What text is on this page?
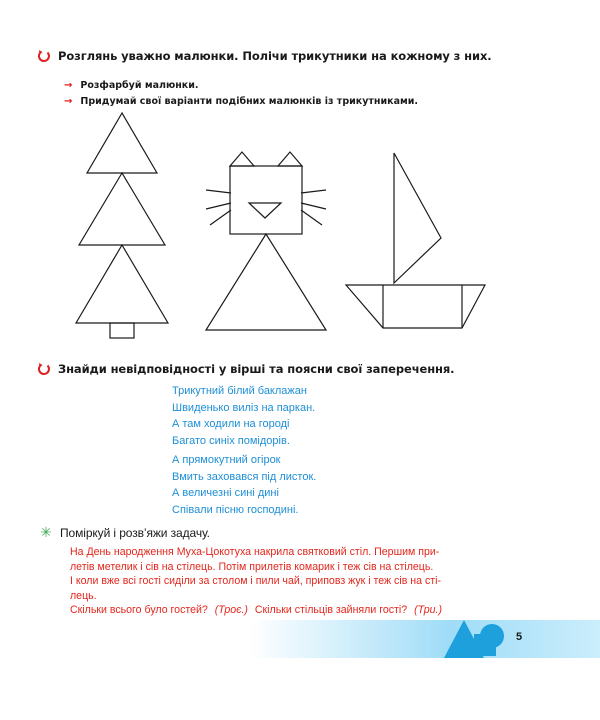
Розглянь уважно малюнки. Полічи трикутники на кожному з них.
→ Розфарбуй малюнки.
→ Придумай свої варіанти подібних малюнків із трикутниками.
Знайди невідповідності у вірші та поясни свої заперечення.
Трикутний білий баклажан
Швиденько виліз на паркан.
А там ходили на городі
Багато синіх помідорів.
А прямокутний огірок
Вмить заховався під листок.
А величезні сині дині
Співали пісню господині.
✳ Поміркуй і розв’яжи задачу.
На День народження Муха-Цокотуха накрила святковий стіл. Першим при-
летів метелик і сів на стілець. Потім прилетів комарик і теж сів на стілець.
І коли вже всі гості сиділи за столом і пили чай, приповз жук і теж сів на сті-
лець.
Скільки всього було гостей? (Троє.) Скільки стільців зайняли гості? (Три.)
5
